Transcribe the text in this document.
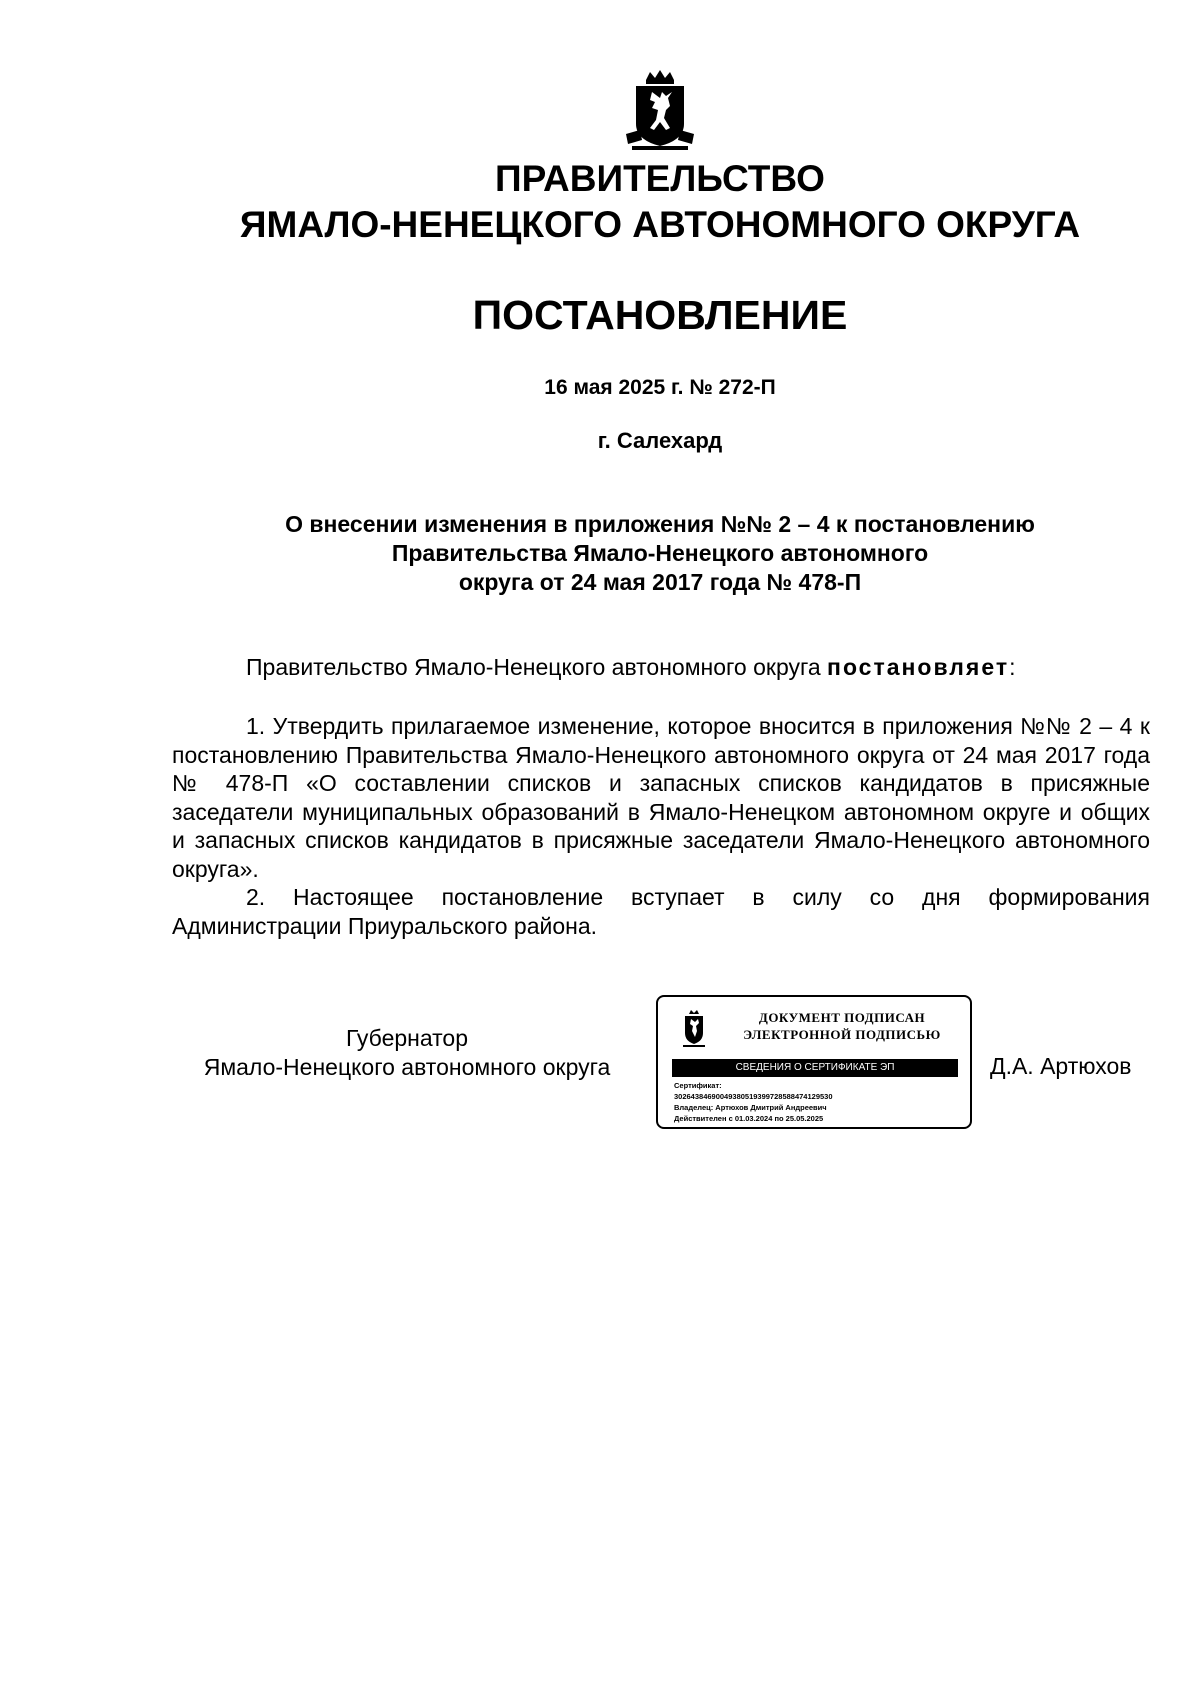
ПРАВИТЕЛЬСТВО
ЯМАЛО-НЕНЕЦКОГО АВТОНОМНОГО ОКРУГА
ПОСТАНОВЛЕНИЕ
16 мая 2025 г. № 272-П
г. Салехард
О внесении изменения в приложения №№ 2 – 4 к постановлению
Правительства Ямало-Ненецкого автономного
округа от 24 мая 2017 года № 478-П
Правительство Ямало-Ненецкого автономного округа постановляет:

1. Утвердить прилагаемое изменение, которое вносится в приложения №№ 2 – 4 к постановлению Правительства Ямало-Ненецкого автономного округа от 24 мая 2017 года № 478-П «О составлении списков и запасных списков кандидатов в присяжные заседатели муниципальных образований в Ямало-Ненецком автономном округе и общих и запасных списков кандидатов в присяжные заседатели Ямало-Ненецкого автономного округа».

2. Настоящее постановление вступает в силу со дня формирования Администрации Приуральского района.

Губернатор
Ямало-Ненецкого автономного округа
ДОКУМЕНТ ПОДПИСАН
ЭЛЕКТРОННОЙ ПОДПИСЬЮ
СВЕДЕНИЯ О СЕРТИФИКАТЕ ЭП
Сертификат:
302643846900493805193997285884741295​30
Владелец: Артюхов Дмитрий Андреевич
Действителен с 01.03.2024 по 25.05.2025
Д.А. Артюхов
